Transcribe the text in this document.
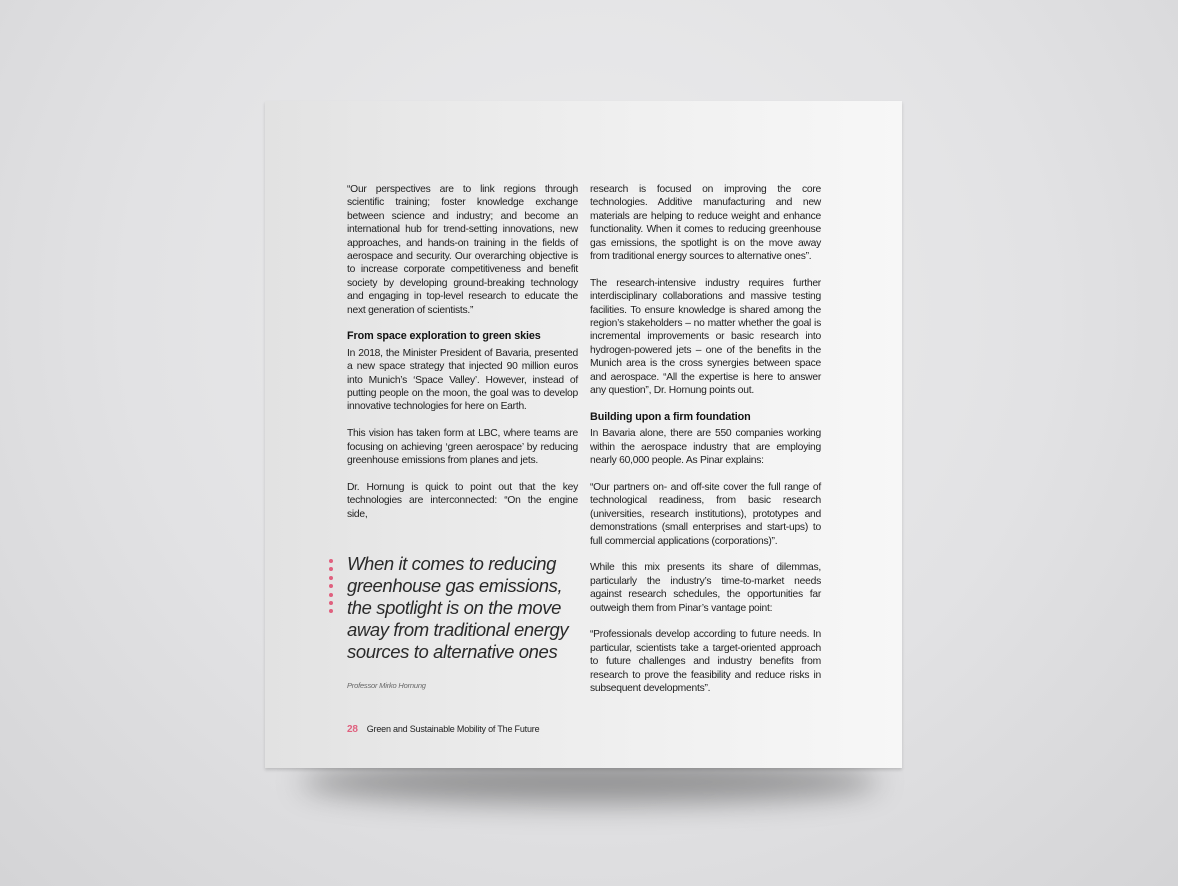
“Our perspectives are to link regions through scientific training; foster knowledge exchange between science and industry; and become an international hub for trend-setting innovations, new approaches, and hands-on training in the fields of aerospace and security. Our overarching objective is to increase corporate competitiveness and benefit society by developing ground-breaking technology and engaging in top-level research to educate the next generation of scientists.”

From space exploration to green skies

In 2018, the Minister President of Bavaria, presented a new space strategy that injected 90 million euros into Munich’s ‘Space Valley’. However, instead of putting people on the moon, the goal was to develop innovative technologies for here on Earth.

This vision has taken form at LBC, where teams are focusing on achieving ‘green aerospace’ by reducing greenhouse emissions from planes and jets.

Dr. Hornung is quick to point out that the key technologies are interconnected: “On the engine side,

research is focused on improving the core technologies. Additive manufacturing and new materials are helping to reduce weight and enhance functionality. When it comes to reducing greenhouse gas emissions, the spotlight is on the move away from traditional energy sources to alternative ones”.

The research-intensive industry requires further interdisciplinary collaborations and massive testing facilities. To ensure knowledge is shared among the region’s stakeholders – no matter whether the goal is incremental improvements or basic research into hydrogen-powered jets – one of the benefits in the Munich area is the cross synergies between space and aerospace. “All the expertise is here to answer any question”, Dr. Hornung points out.

Building upon a firm foundation

In Bavaria alone, there are 550 companies working within the aerospace industry that are employing nearly 60,000 people. As Pinar explains:

“Our partners on- and off-site cover the full range of technological readiness, from basic research (universities, research institutions), prototypes and demonstrations (small enterprises and start-ups) to full commercial applications (corporations)”.

While this mix presents its share of dilemmas, particularly the industry’s time-to-market needs against research schedules, the opportunities far outweigh them from Pinar’s vantage point:

“Professionals develop according to future needs. In particular, scientists take a target-oriented approach to future challenges and industry benefits from research to prove the feasibility and reduce risks in subsequent developments”.

When it comes to reducing greenhouse gas emissions, the spotlight is on the move away from traditional energy sources to alternative ones

Professor Mirko Hornung
28 Green and Sustainable Mobility of The Future
